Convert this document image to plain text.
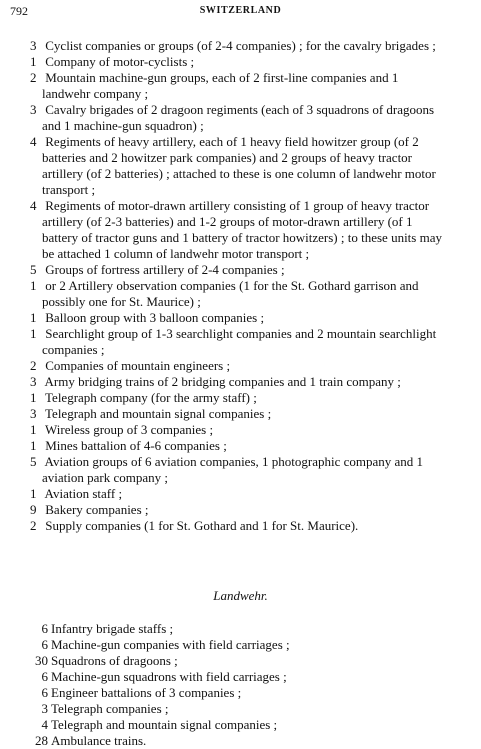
792	SWITZERLAND

3 Cyclist companies or groups (of 2-4 companies) ; for the cavalry brigades ;

1 Company of motor-cyclists ;

2 Mountain machine-gun groups, each of 2 first-line companies and 1 landwehr company ;

3 Cavalry brigades of 2 dragoon regiments (each of 3 squadrons of dragoons and 1 machine-gun squadron) ;

4 Regiments of heavy artillery, each of 1 heavy field howitzer group (of 2 batteries and 2 howitzer park companies) and 2 groups of heavy tractor artillery (of 2 batteries) ; attached to these is one column of landwehr motor transport ;

4 Regiments of motor-drawn artillery consisting of 1 group of heavy tractor artillery (of 2-3 batteries) and 1-2 groups of motor-drawn artillery (of 1 battery of tractor guns and 1 battery of tractor howitzers) ; to these units may be attached 1 column of landwehr motor transport ;

5 Groups of fortress artillery of 2-4 companies ;

1 or 2 Artillery observation companies (1 for the St. Gothard garrison and possibly one for St. Maurice) ;

1 Balloon group with 3 balloon companies ;

1 Searchlight group of 1-3 searchlight companies and 2 mountain searchlight companies ;

2 Companies of mountain engineers ;

3 Army bridging trains of 2 bridging companies and 1 train company ;

1 Telegraph company (for the army staff) ;

3 Telegraph and mountain signal companies ;

1 Wireless group of 3 companies ;

1 Mines battalion of 4-6 companies ;

5 Aviation groups of 6 aviation companies, 1 photographic company and 1 aviation park company ;

1 Aviation staff ;

9 Bakery companies ;

2 Supply companies (1 for St. Gothard and 1 for St. Maurice).

Landwehr.

6 Infantry brigade staffs ;

6 Machine-gun companies with field carriages ;

30 Squadrons of dragoons ;

6 Machine-gun squadrons with field carriages ;

6 Engineer battalions of 3 companies ;

3 Telegraph companies ;

4 Telegraph and mountain signal companies ;

28 Ambulance trains.
